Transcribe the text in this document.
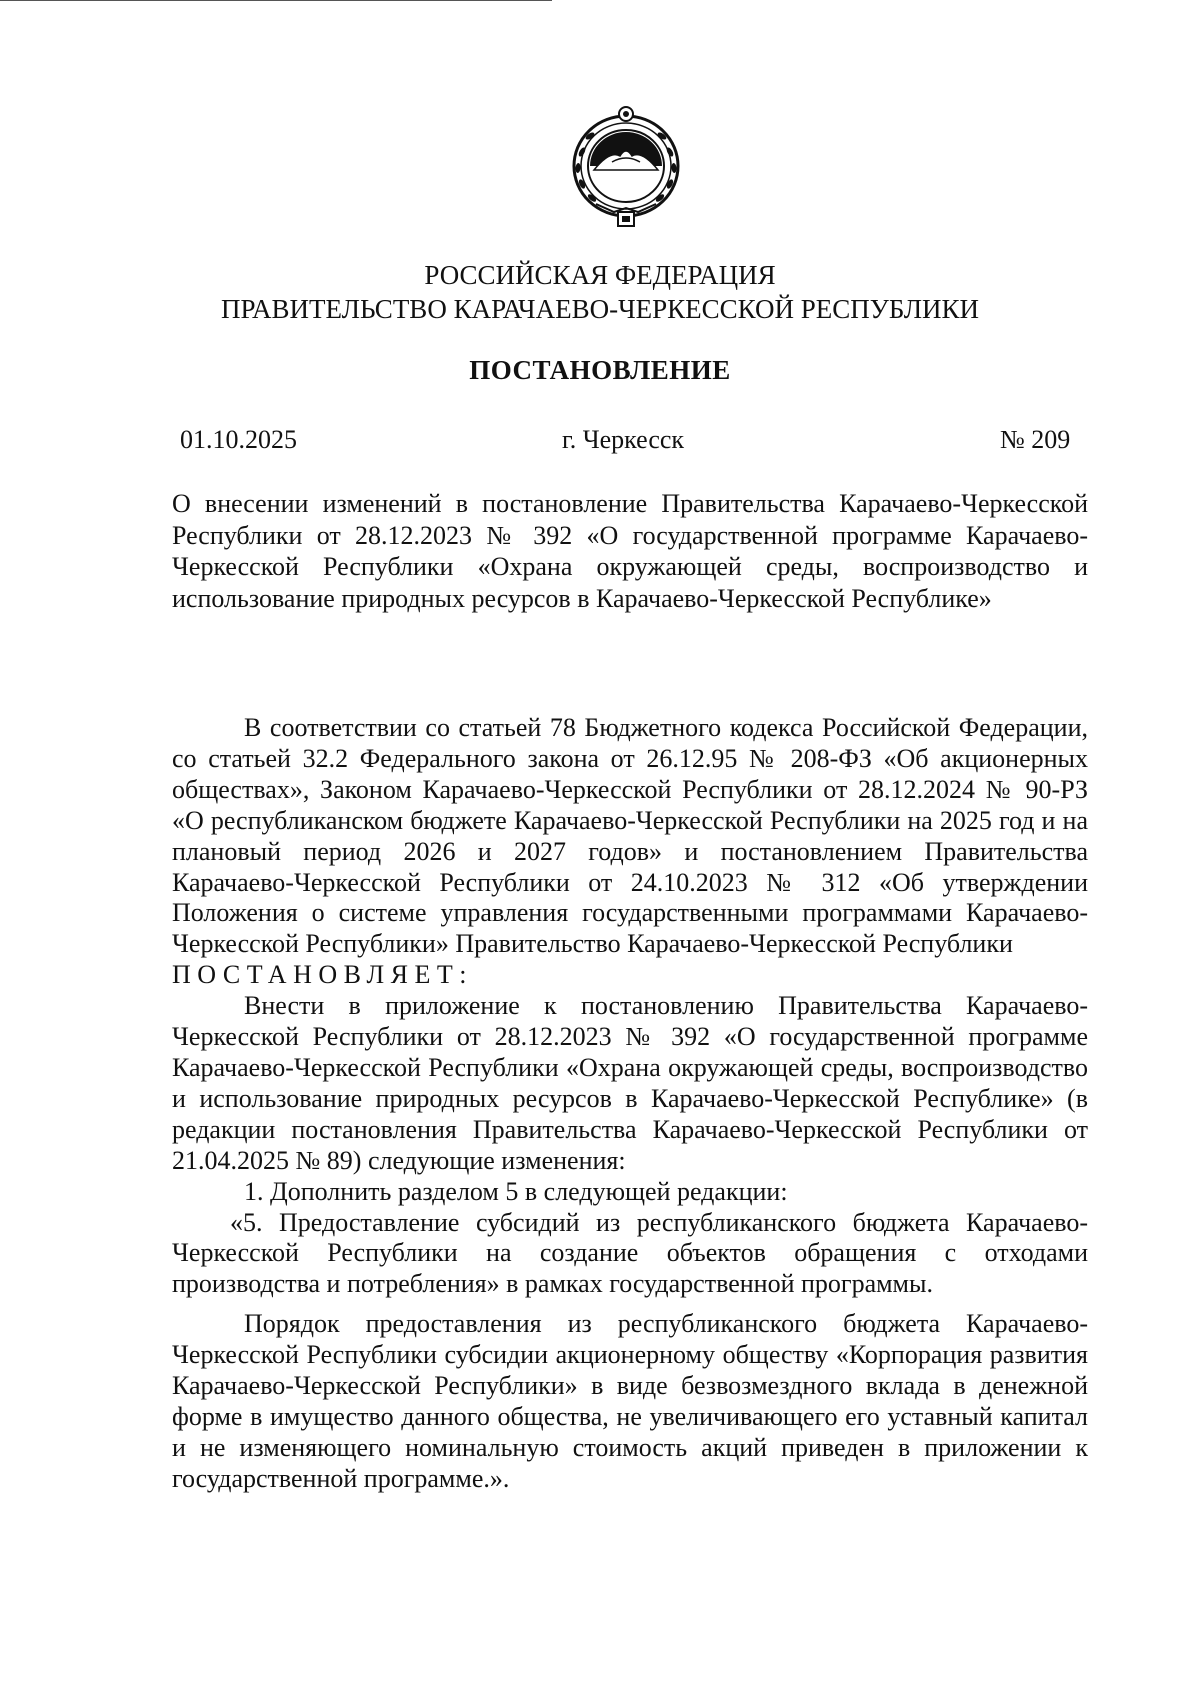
РОССИЙСКАЯ ФЕДЕРАЦИЯ
ПРАВИТЕЛЬСТВО КАРАЧАЕВО-ЧЕРКЕССКОЙ РЕСПУБЛИКИ
ПОСТАНОВЛЕНИЕ
01.10.2025	г. Черкесск	№ 209
О внесении изменений в постановление Правительства Карачаево-Черкесской Республики от 28.12.2023 № 392 «О государственной программе Карачаево-Черкесской Республики «Охрана окружающей среды, воспроизводство и использование природных ресурсов в Карачаево-Черкесской Республике»

В соответствии со статьей 78 Бюджетного кодекса Российской Федерации, со статьей 32.2 Федерального закона от 26.12.95 № 208-ФЗ «Об акционерных обществах», Законом Карачаево-Черкесской Республики от 28.12.2024 № 90-РЗ «О республиканском бюджете Карачаево-Черкесской Республики на 2025 год и на плановый период 2026 и 2027 годов» и постановлением Правительства Карачаево-Черкесской Республики от 24.10.2023 № 312 «Об утверждении Положения о системе управления государственными программами Карачаево-Черкесской Республики» Правительство Карачаево-Черкесской Республики

ПОСТАНОВЛЯЕТ:

Внести в приложение к постановлению Правительства Карачаево-Черкесской Республики от 28.12.2023 № 392 «О государственной программе Карачаево-Черкесской Республики «Охрана окружающей среды, воспроизводство и использование природных ресурсов в Карачаево-Черкесской Республике» (в редакции постановления Правительства Карачаево-Черкесской Республики от 21.04.2025 № 89) следующие изменения:

1. Дополнить разделом 5 в следующей редакции:

«5. Предоставление субсидий из республиканского бюджета Карачаево-Черкесской Республики на создание объектов обращения с отходами производства и потребления» в рамках государственной программы.

Порядок предоставления из республиканского бюджета Карачаево-Черкесской Республики субсидии акционерному обществу «Корпорация развития Карачаево-Черкесской Республики» в виде безвозмездного вклада в денежной форме в имущество данного общества, не увеличивающего его уставный капитал и не изменяющего номинальную стоимость акций приведен в приложении к государственной программе.».
